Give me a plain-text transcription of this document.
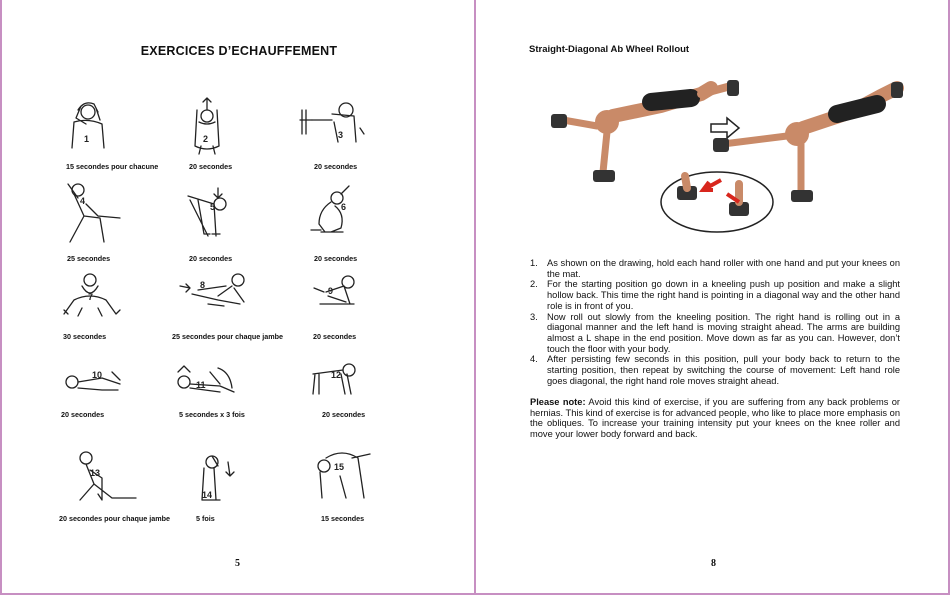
EXERCICES D’ECHAUFFEMENT
1
15 secondes pour chacune
2
20 secondes
3
20 secondes
4
25 secondes
5
20 secondes
6
20 secondes
7
30 secondes
8
25 secondes pour chaque jambe
9
20 secondes
10
20 secondes
11
5 secondes x 3 fois
12
20 secondes
13
20 secondes pour chaque jambe
14
5 fois
15
15 secondes
5
Straight-Diagonal Ab Wheel Rollout
1. As shown on the drawing, hold each hand roller with one hand and put your knees on the mat.
2. For the starting position go down in a kneeling push up position and make a slight hollow back. This time the right hand is pointing in a diagonal way and the other hand role is in front of you.
3. Now roll out slowly from the kneeling position. The right hand is rolling out in a diagonal manner and the left hand is moving straight ahead. The arms are building almost a L shape in the end position. Move down as far as you can. However, don’t touch the floor with your body.
4. After persisting few seconds in this position, pull your body back to return to the starting position, then repeat by switching the course of movement: Left hand role goes diagonal, the right hand role moves straight ahead.
Please note: Avoid this kind of exercise, if you are suffering from any back problems or hernias. This kind of exercise is for advanced people, who like to place more emphasis on the obliques. To increase your training intensity put your knees on the knee roller and move your lower body forward and back.
8
